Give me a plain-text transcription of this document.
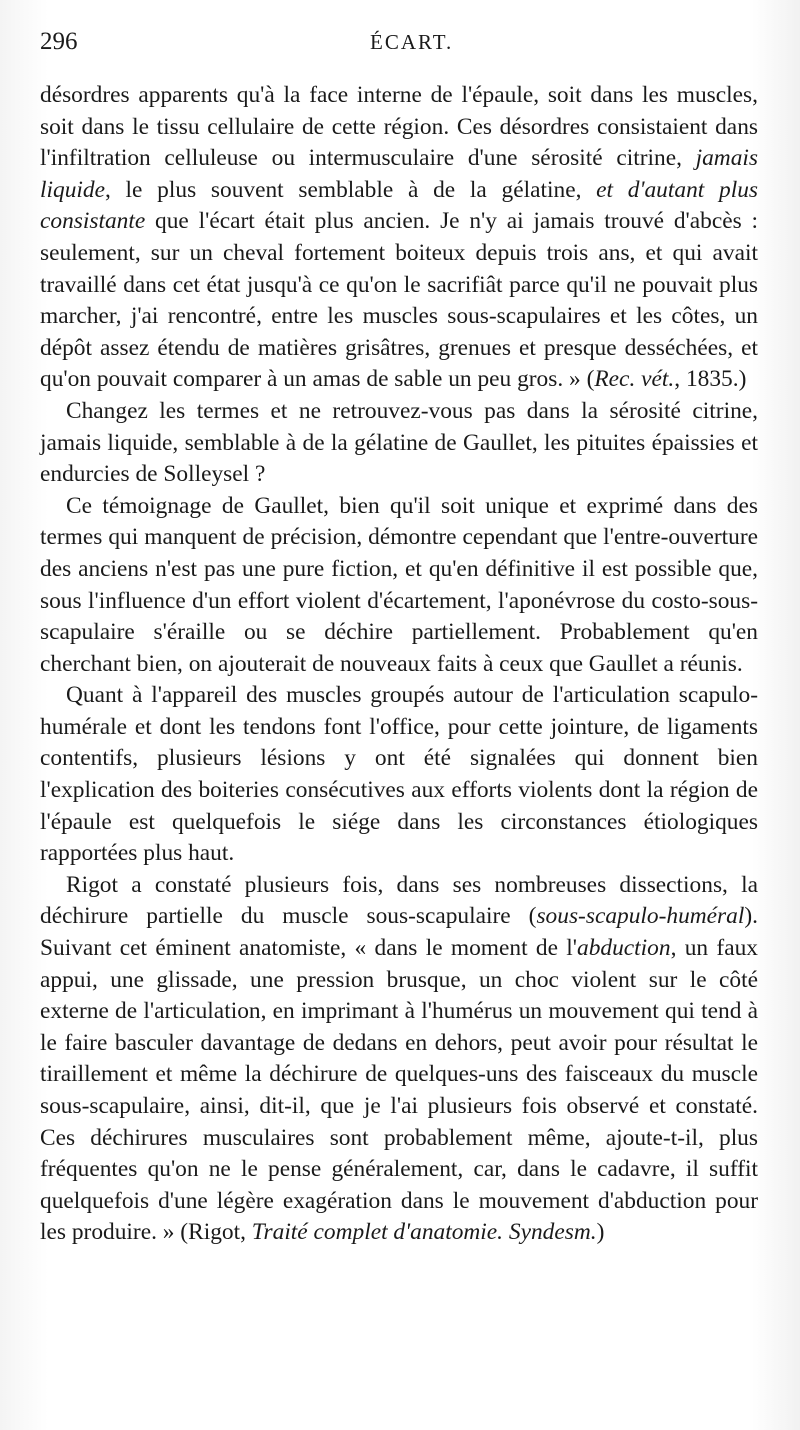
296	ÉCART.

désordres apparents qu'à la face interne de l'épaule, soit dans les muscles, soit dans le tissu cellulaire de cette région. Ces désordres consistaient dans l'infiltration celluleuse ou intermusculaire d'une sérosité citrine, jamais liquide, le plus souvent semblable à de la gélatine, et d'autant plus consistante que l'écart était plus ancien. Je n'y ai jamais trouvé d'abcès : seulement, sur un cheval fortement boiteux depuis trois ans, et qui avait travaillé dans cet état jusqu'à ce qu'on le sacrifiât parce qu'il ne pouvait plus marcher, j'ai rencontré, entre les muscles sous-scapulaires et les côtes, un dépôt assez étendu de matières grisâtres, grenues et presque desséchées, et qu'on pouvait comparer à un amas de sable un peu gros. » (Rec. vét., 1835.)

Changez les termes et ne retrouvez-vous pas dans la sérosité citrine, jamais liquide, semblable à de la gélatine de Gaullet, les pituites épaissies et endurcies de Solleysel ?

Ce témoignage de Gaullet, bien qu'il soit unique et exprimé dans des termes qui manquent de précision, démontre cependant que l'entre-ouverture des anciens n'est pas une pure fiction, et qu'en définitive il est possible que, sous l'influence d'un effort violent d'écartement, l'aponévrose du costo-sous-scapulaire s'éraille ou se déchire partiellement. Probablement qu'en cherchant bien, on ajouterait de nouveaux faits à ceux que Gaullet a réunis.

Quant à l'appareil des muscles groupés autour de l'articulation scapulo-humérale et dont les tendons font l'office, pour cette jointure, de ligaments contentifs, plusieurs lésions y ont été signalées qui donnent bien l'explication des boiteries consécutives aux efforts violents dont la région de l'épaule est quelquefois le siége dans les circonstances étiologiques rapportées plus haut.

Rigot a constaté plusieurs fois, dans ses nombreuses dissections, la déchirure partielle du muscle sous-scapulaire (sous-scapulo-huméral). Suivant cet éminent anatomiste, « dans le moment de l'abduction, un faux appui, une glissade, une pression brusque, un choc violent sur le côté externe de l'articulation, en imprimant à l'humérus un mouvement qui tend à le faire basculer davantage de dedans en dehors, peut avoir pour résultat le tiraillement et même la déchirure de quelques-uns des faisceaux du muscle sous-scapulaire, ainsi, dit-il, que je l'ai plusieurs fois observé et constaté. Ces déchirures musculaires sont probablement même, ajoute-t-il, plus fréquentes qu'on ne le pense généralement, car, dans le cadavre, il suffit quelquefois d'une légère exagération dans le mouvement d'abduction pour les produire. » (Rigot, Traité complet d'anatomie. Syndesm.)
